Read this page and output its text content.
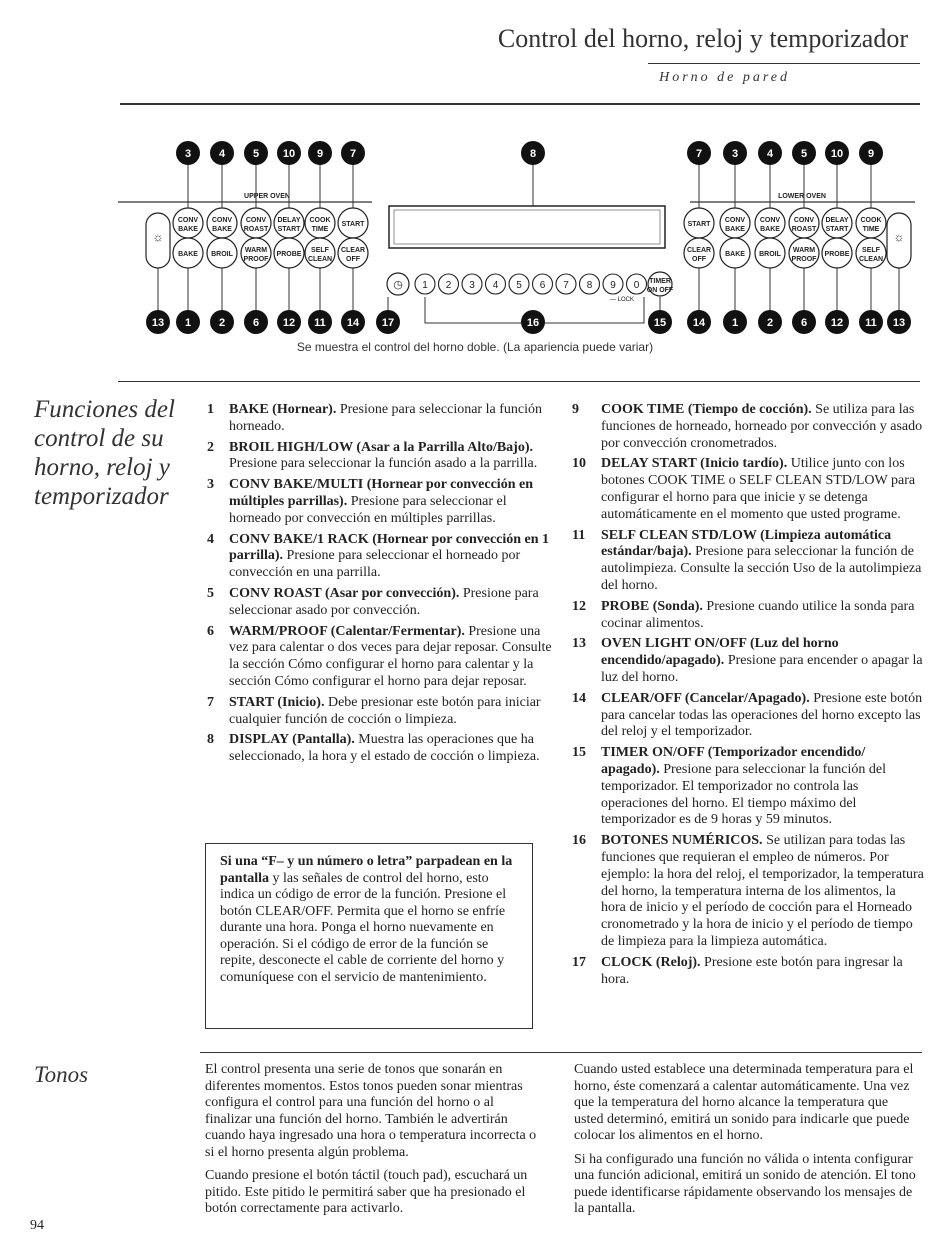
Control del horno, reloj y temporizador
Horno de pared
UPPER OVEN	LOWER OVEN
☼	☼
CONV
BAKE
BAKE
CONV
BAKE
BROIL
CONV
ROAST
WARM
PROOF
DELAY
START
PROBE
COOK
TIME
SELF
CLEAN
START
CLEAR
OFF
START
CLEAR
OFF
CONV
BAKE
BAKE
CONV
BAKE
BROIL
CONV
ROAST
WARM
PROOF
DELAY
START
PROBE
COOK
TIME
SELF
CLEAN
◷ 1 2 3 4 5 6 7 8 9 0 TIMER
ON OFF
— LOCK
3	4	5 10 9 7	7	3	4	5 10 9
8
13 1	2	6 12 11 14 17	15 14 1	2	6 12 11 13
16
Se muestra el control del horno doble. (La apariencia puede variar)
Funciones del control de su horno, reloj y temporizador
1 BAKE (Hornear). Presione para seleccionar la función horneado.
2 BROIL HIGH/LOW (Asar a la Parrilla Alto/Bajo). Presione para seleccionar la función asado a la parrilla.
3 CONV BAKE/MULTI (Hornear por convección en múltiples parrillas). Presione para seleccionar el horneado por convección en múltiples parrillas.
4 CONV BAKE/1 RACK (Hornear por convección en 1 parrilla). Presione para seleccionar el horneado por convección en una parrilla.
5 CONV ROAST (Asar por convección). Presione para seleccionar asado por convección.
6 WARM/PROOF (Calentar/Fermentar). Presione una vez para calentar o dos veces para dejar reposar. Consulte la sección Cómo configurar el horno para calentar y la sección Cómo configurar el horno para dejar reposar.
7 START (Inicio). Debe presionar este botón para iniciar cualquier función de cocción o limpieza.
8 DISPLAY (Pantalla). Muestra las operaciones que ha seleccionado, la hora y el estado de cocción o limpieza.
Si una “F– y un número o letra” parpadean en la pantalla y las señales de control del horno, esto indica un código de error de la función. Presione el botón CLEAR/OFF. Permita que el horno se enfríe durante una hora. Ponga el horno nuevamente en operación. Si el código de error de la función se repite, desconecte el cable de corriente del horno y comuníquese con el servicio de mantenimiento.
9 COOK TIME (Tiempo de cocción). Se utiliza para las funciones de horneado, horneado por convección y asado por convección cronometrados.
10 DELAY START (Inicio tardío). Utilice junto con los botones COOK TIME o SELF CLEAN STD/LOW para configurar el horno para que inicie y se detenga automáticamente en el momento que usted programe.
11 SELF CLEAN STD/LOW (Limpieza automática estándar/baja). Presione para seleccionar la función de autolimpieza. Consulte la sección Uso de la autolimpieza del horno.
12 PROBE (Sonda). Presione cuando utilice la sonda para cocinar alimentos.
13 OVEN LIGHT ON/OFF (Luz del horno encendido/apagado). Presione para encender o apagar la luz del horno.
14 CLEAR/OFF (Cancelar/Apagado). Presione este botón para cancelar todas las operaciones del horno excepto las del reloj y el temporizador.
15 TIMER ON/OFF (Temporizador encendido/ apagado). Presione para seleccionar la función del temporizador. El temporizador no controla las operaciones del horno. El tiempo máximo del temporizador es de 9 horas y 59 minutos.
16 BOTONES NUMÉRICOS. Se utilizan para todas las funciones que requieran el empleo de números. Por ejemplo: la hora del reloj, el temporizador, la temperatura del horno, la temperatura interna de los alimentos, la hora de inicio y el período de cocción para el Horneado cronometrado y la hora de inicio y el período de tiempo de limpieza para la limpieza automática.
17 CLOCK (Reloj). Presione este botón para ingresar la hora.
Tonos	El control presenta una serie de tonos que sonarán en diferentes momentos. Estos tonos pueden sonar mientras configura el control para una función del horno o al finalizar una función del horno. También le advertirán cuando haya ingresado una hora o temperatura incorrecta o si el horno presenta algún problema.

Cuando presione el botón táctil (touch pad), escuchará un pitido. Este pitido le permitirá saber que ha presionado el botón correctamente para activarlo.

Cuando usted establece una determinada temperatura para el horno, éste comenzará a calentar automáticamente. Una vez que la temperatura del horno alcance la temperatura que usted determinó, emitirá un sonido para indicarle que puede colocar los alimentos en el horno.

Si ha configurado una función no válida o intenta configurar una función adicional, emitirá un sonido de atención. El tono puede identificarse rápidamente observando los mensajes de la pantalla.

94
